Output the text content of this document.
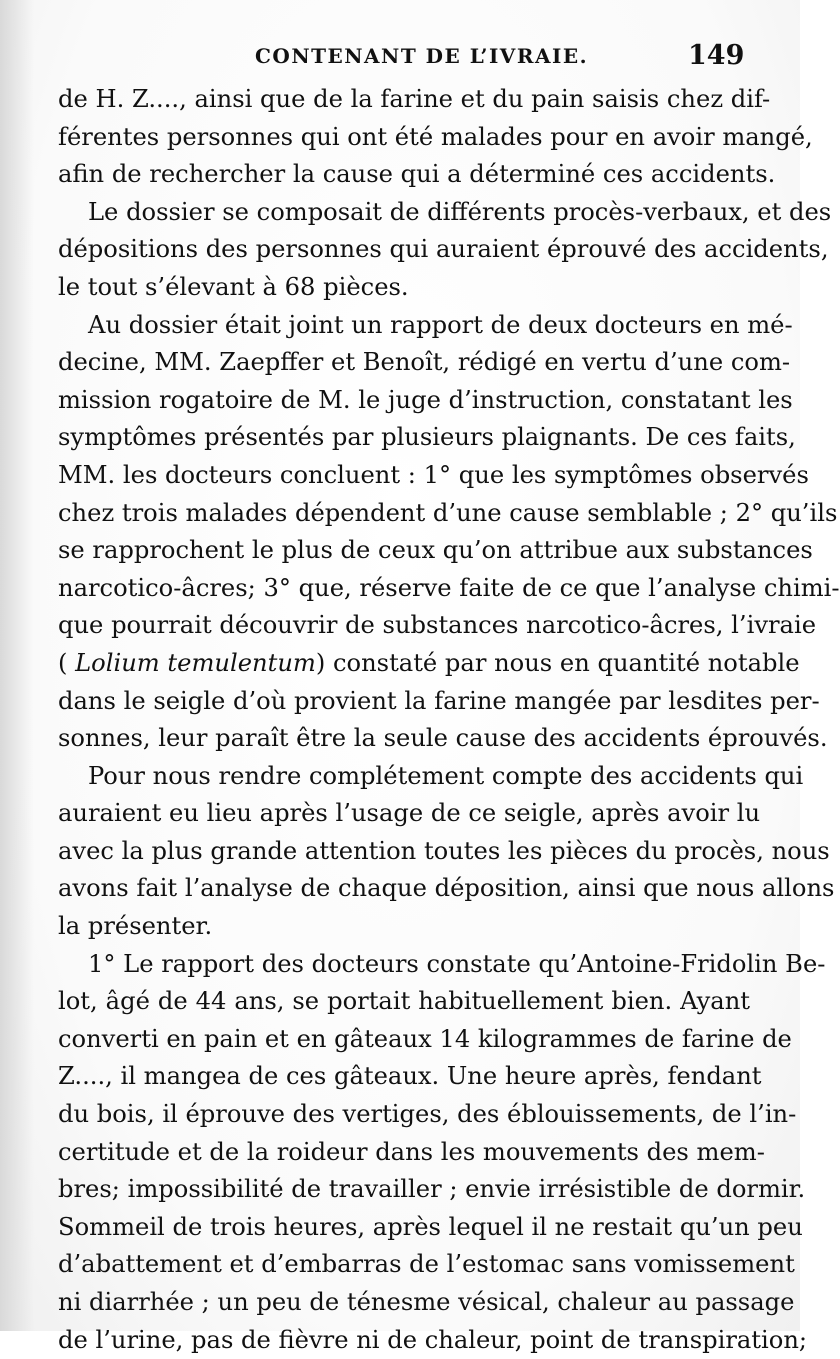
CONTENANT DE L’IVRAIE.	149
de H. Z...., ainsi que de la farine et du pain saisis chez dif-
férentes personnes qui ont été malades pour en avoir mangé,
afin de rechercher la cause qui a déterminé ces accidents.
Le dossier se composait de différents procès-verbaux, et des
dépositions des personnes qui auraient éprouvé des accidents,
le tout s’élevant à 68 pièces.
Au dossier était joint un rapport de deux docteurs en mé-
decine, MM. Zaepffer et Benoît, rédigé en vertu d’une com-
mission rogatoire de M. le juge d’instruction, constatant les
symptômes présentés par plusieurs plaignants. De ces faits,
MM. les docteurs concluent : 1° que les symptômes observés
chez trois malades dépendent d’une cause semblable ; 2° qu’ils
se rapprochent le plus de ceux qu’on attribue aux substances
narcotico-âcres; 3° que, réserve faite de ce que l’analyse chimi-
que pourrait découvrir de substances narcotico-âcres, l’ivraie
( Lolium temulentum) constaté par nous en quantité notable
dans le seigle d’où provient la farine mangée par lesdites per-
sonnes, leur paraît être la seule cause des accidents éprouvés.
Pour nous rendre complétement compte des accidents qui
auraient eu lieu après l’usage de ce seigle, après avoir lu
avec la plus grande attention toutes les pièces du procès, nous
avons fait l’analyse de chaque déposition, ainsi que nous allons
la présenter.
1° Le rapport des docteurs constate qu’Antoine-Fridolin Be-
lot, âgé de 44 ans, se portait habituellement bien. Ayant
converti en pain et en gâteaux 14 kilogrammes de farine de
Z...., il mangea de ces gâteaux. Une heure après, fendant
du bois, il éprouve des vertiges, des éblouissements, de l’in-
certitude et de la roideur dans les mouvements des mem-
bres; impossibilité de travailler ; envie irrésistible de dormir.
Sommeil de trois heures, après lequel il ne restait qu’un peu
d’abattement et d’embarras de l’estomac sans vomissement
ni diarrhée ; un peu de ténesme vésical, chaleur au passage
de l’urine, pas de fièvre ni de chaleur, point de transpiration;
